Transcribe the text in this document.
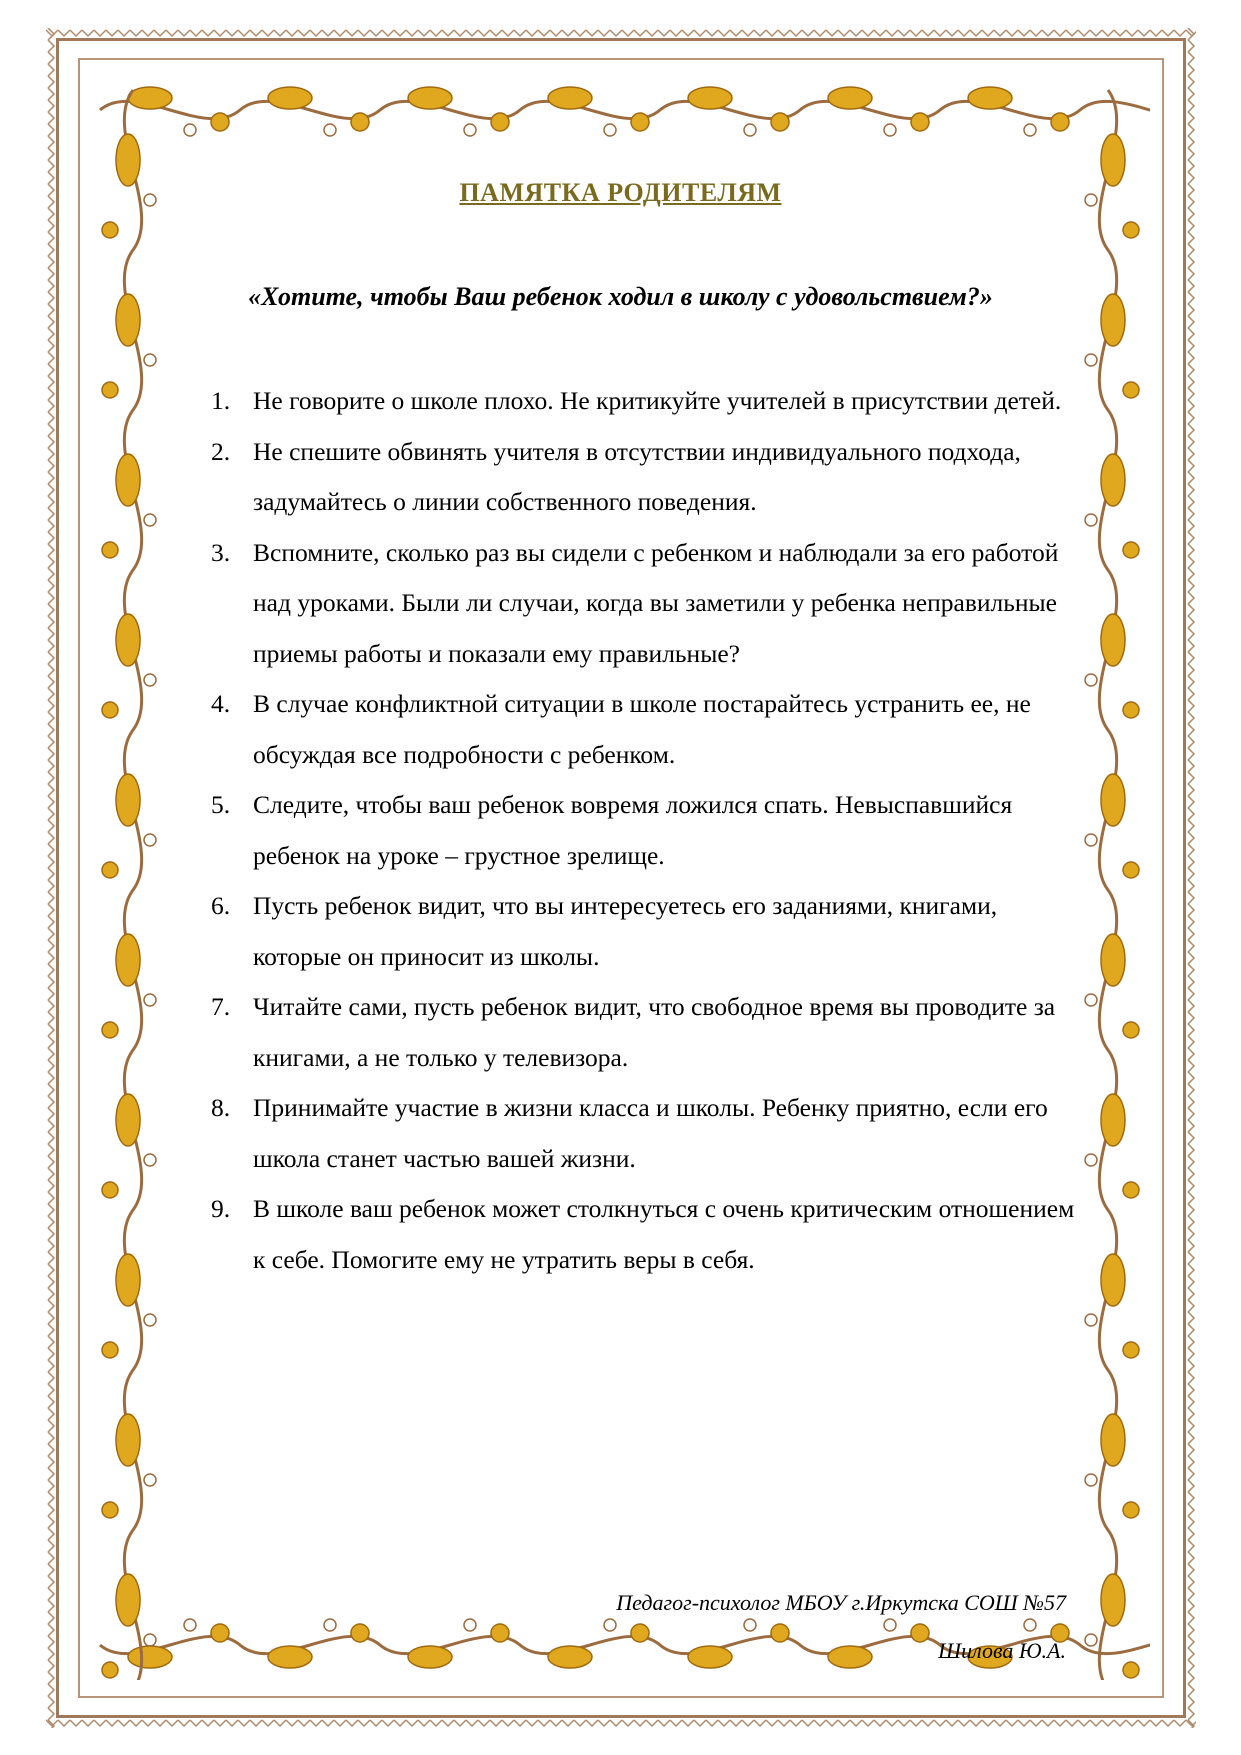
ПАМЯТКА РОДИТЕЛЯМ
«Хотите, чтобы Ваш ребенок ходил в школу с удовольствием?»
1. Не говорите о школе плохо. Не критикуйте учителей в присутствии детей.
2. Не спешите обвинять учителя в отсутствии индивидуального подхода, задумайтесь о линии собственного поведения.
3. Вспомните, сколько раз вы сидели с ребенком и наблюдали за его работой над уроками. Были ли случаи, когда вы заметили у ребенка неправильные приемы работы и показали ему правильные?
4. В случае конфликтной ситуации в школе постарайтесь устранить ее, не обсуждая все подробности с ребенком.
5. Следите, чтобы ваш ребенок вовремя ложился спать. Невыспавшийся ребенок на уроке – грустное зрелище.
6. Пусть ребенок видит, что вы интересуетесь его заданиями, книгами, которые он приносит из школы.
7. Читайте сами, пусть ребенок видит, что свободное время вы проводите за книгами, а не только у телевизора.
8. Принимайте участие в жизни класса и школы. Ребенку приятно, если его школа станет частью вашей жизни.
9. В школе ваш ребенок может столкнуться с очень критическим отношением к себе. Помогите ему не утратить веры в себя.
Педагог-психолог МБОУ г.Иркутска СОШ №57
Шилова Ю.А.
